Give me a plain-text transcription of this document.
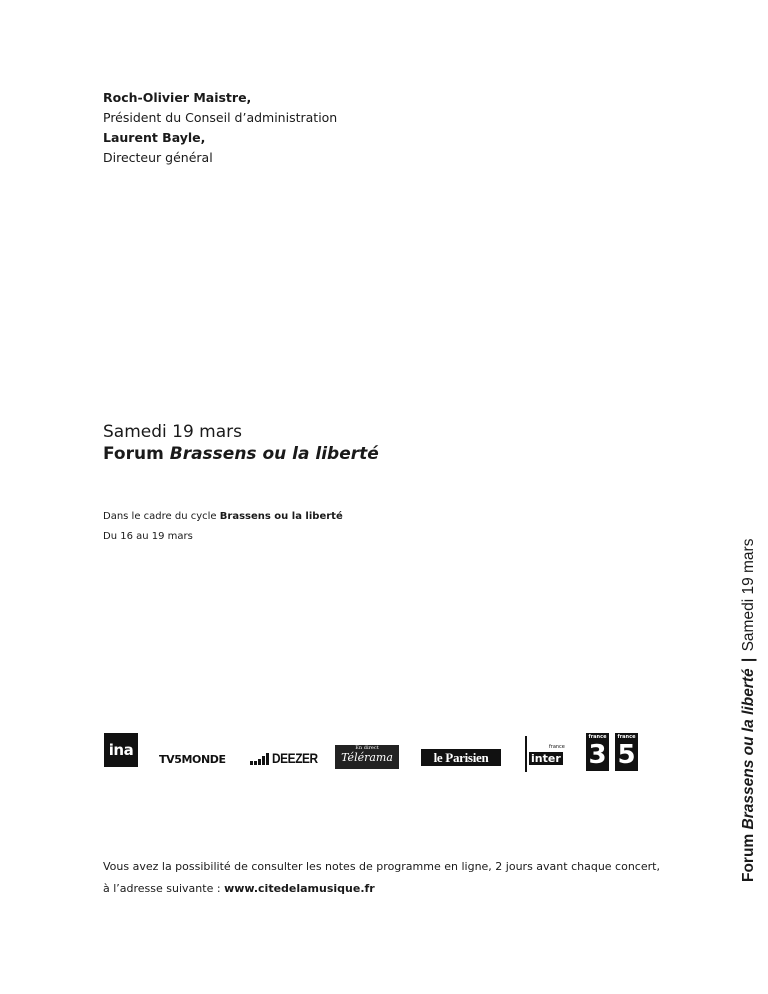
Roch-Olivier Maistre,
Président du Conseil d’administration
Laurent Bayle,
Directeur général
Samedi 19 mars
Forum Brassens ou la liberté
Dans le cadre du cycle Brassens ou la liberté
Du 16 au 19 mars
Forum Brassens ou la liberté | Samedi 19 mars
ina
TV5MONDE	DEEZER
En direct
Télérama	le Parisien
france
inter
france
3
france
5
Vous avez la possibilité de consulter les notes de programme en ligne, 2 jours avant chaque concert,
à l’adresse suivante : www.citedelamusique.fr
